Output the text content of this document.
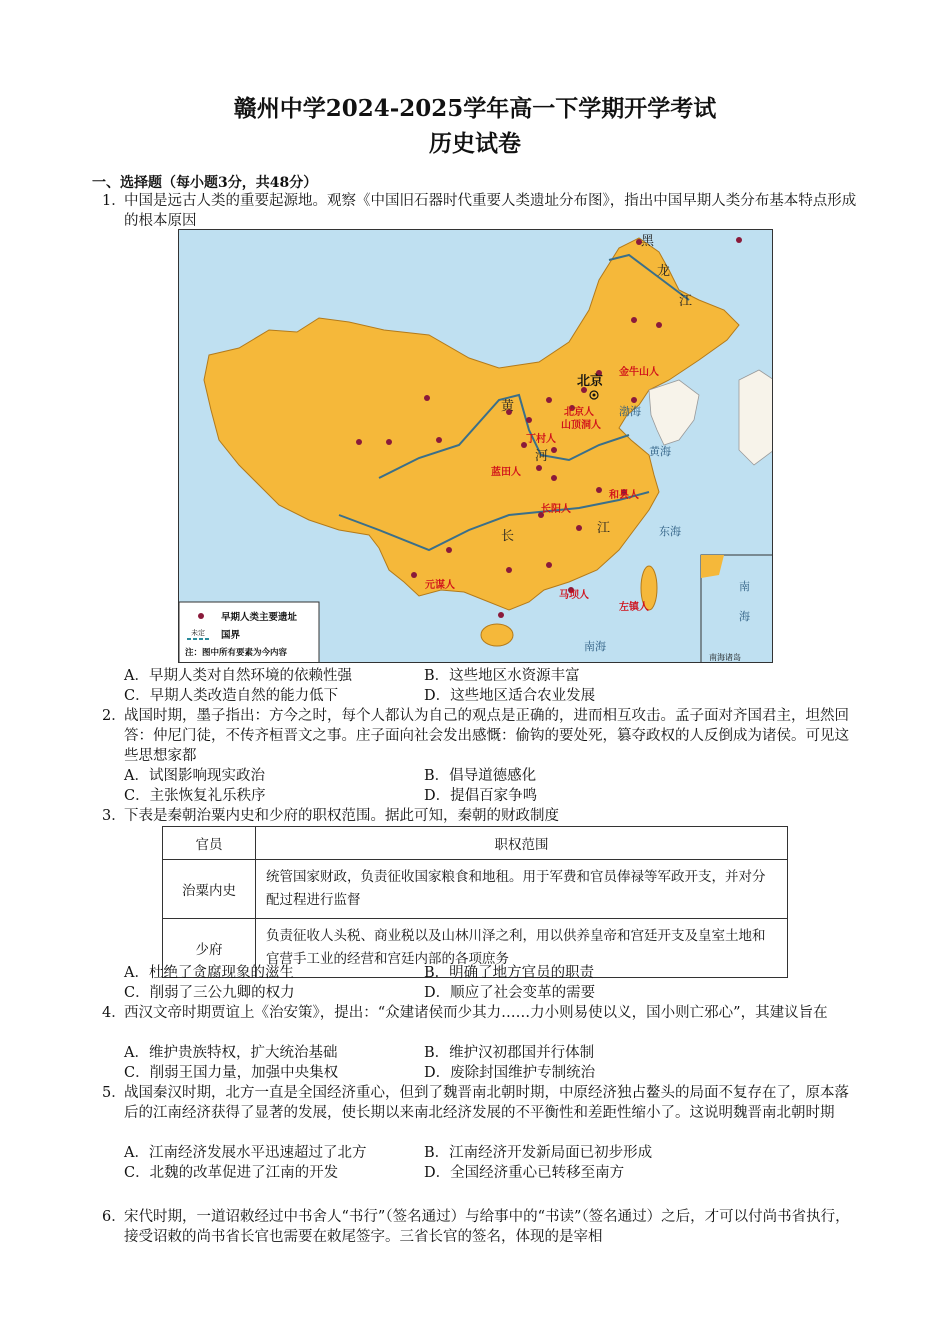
赣州中学2024-2025学年高一下学期开学考试
历史试卷
一、选择题（每小题3分，共48分）
1．
中国是远古人类的重要起源地。观察《中国旧石器时代重要人类遗址分布图》，指出中国早期人类分布基本特点形成的根本原因
北京
金牛山人
北京人
山顶洞人
丁村人
蓝田人
和县人
长阳人
元谋人
马坝人
左镇人
黄
河
长
江
黑
龙
江
渤海
黄海
东海
南海
南
海
南海诸岛
早期人类主要遗址
未定 国界
注：图中所有要素为今内容
A．早期人类对自然环境的依赖性强	B．这些地区水资源丰富
C．早期人类改造自然的能力低下	D．这些地区适合农业发展
2．
战国时期，墨子指出：方今之时，每个人都认为自己的观点是正确的，进而相互攻击。孟子面对齐国君主，坦然回答：仲尼门徒，不传齐桓晋文之事。庄子面向社会发出感慨：偷钩的要处死，篡夺政权的人反倒成为诸侯。可见这些思想家都
A．试图影响现实政治	B．倡导道德感化
C．主张恢复礼乐秩序	D．提倡百家争鸣
3．
下表是秦朝治粟内史和少府的职权范围。据此可知，秦朝的财政制度
官员	职权范围
治粟内史	统管国家财政，负责征收国家粮食和地租。用于军费和官员俸禄等军政开支，并对分配过程进行监督
少府	负责征收人头税、商业税以及山林川泽之利，用以供养皇帝和宫廷开支及皇室土地和官营手工业的经营和宫廷内部的各项庶务
A．杜绝了贪腐现象的滋生	B．明确了地方官员的职责
C．削弱了三公九卿的权力	D．顺应了社会变革的需要
4．
西汉文帝时期贾谊上《治安策》，提出：“众建诸侯而少其力……力小则易使以义，国小则亡邪心”，其建议旨在
A．维护贵族特权，扩大统治基础	B．维护汉初郡国并行体制
C．削弱王国力量，加强中央集权	D．废除封国维护专制统治
5．
战国秦汉时期，北方一直是全国经济重心，但到了魏晋南北朝时期，中原经济独占鳌头的局面不复存在了，原本落后的江南经济获得了显著的发展，使长期以来南北经济发展的不平衡性和差距性缩小了。这说明魏晋南北朝时期
A．江南经济发展水平迅速超过了北方	B．江南经济开发新局面已初步形成
C．北魏的改革促进了江南的开发	D．全国经济重心已转移至南方
6．
宋代时期，一道诏敕经过中书舍人“书行”（签名通过）与给事中的“书读”（签名通过）之后，才可以付尚书省执行，接受诏敕的尚书省长官也需要在敕尾签字。三省长官的签名，体现的是宰相
